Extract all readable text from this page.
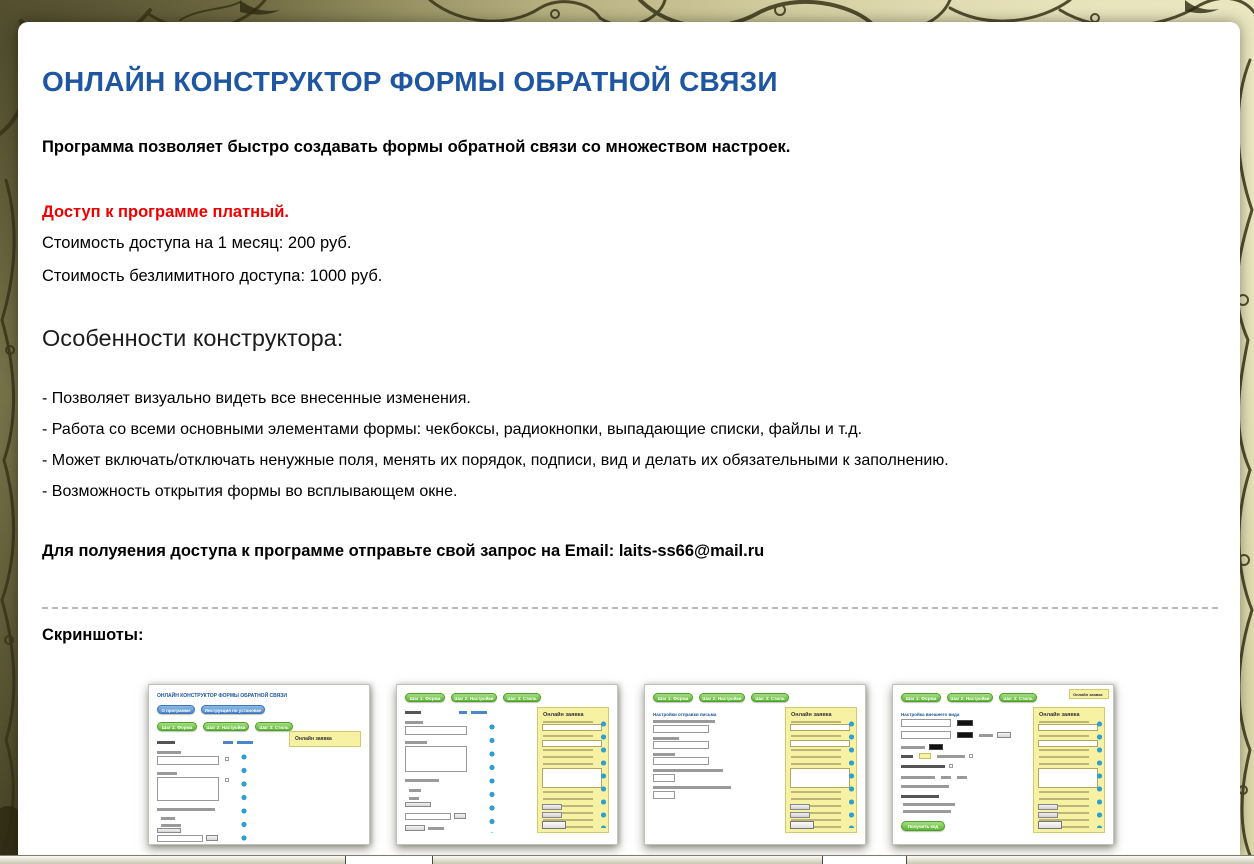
ОНЛАЙН КОНСТРУКТОР ФОРМЫ ОБРАТНОЙ СВЯЗИ

Программа позволяет быстро создавать формы обратной связи со множеством настроек.

Доступ к программе платный.

Стоимость доступа на 1 месяц: 200 руб.

Стоимость безлимитного доступа: 1000 руб.

Особенности конструктора:
- Позволяет визуально видеть все внесенные изменения.
- Работа со всеми основными элементами формы: чекбоксы, радиокнопки, выпадающие списки, файлы и т.д.
- Может включать/отключать ненужные поля, менять их порядок, подписи, вид и делать их обязательными к заполнению.
- Возможность открытия формы во всплывающем окне.

Для полуяения доступа к программе отправьте свой запрос на Email: laits-ss66@mail.ru

Скриншоты:

ОНЛАЙН КОНСТРУКТОР ФОРМЫ ОБРАТНОЙ СВЯЗИ
О программе	Инструкция по установке
Шаг 1: Форма	Шаг 2: Настройки	Шаг 3: Стиль
Онлайн заявка
Шаг 1: Форма	Шаг 2: Настройки	Шаг 3: Стиль
Онлайн заявка
Шаг 1: Форма	Шаг 2: Настройки	Шаг 3: Стиль
Настройки отправки письма	Онлайн заявка
Шаг 1: Форма	Шаг 2: Настройки	Шаг 3: Стиль
Онлайн заявка
Настройка внешнего вида
Получить код
Онлайн заявка
